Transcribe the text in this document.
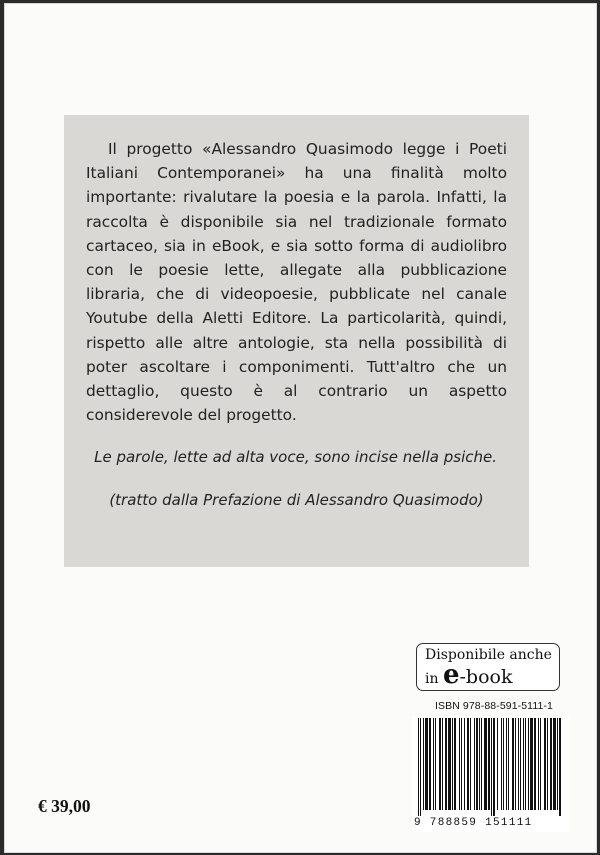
Il progetto «Alessandro Quasimodo legge i Poeti Italiani Contemporanei» ha una finalità molto importante: rivalutare la poesia e la parola. Infatti, la raccolta è disponibile sia nel tradizionale formato cartaceo, sia in eBook, e sia sotto forma di audiolibro con le poesie lette, allegate alla pubblicazione libraria, che di videopoesie, pubblicate nel canale Youtube della Aletti Editore. La particolarità, quindi, rispetto alle altre antologie, sta nella possibilità di poter ascoltare i componimenti. Tutt'altro che un dettaglio, questo è al contrario un aspetto considerevole del progetto.

Le parole, lette ad alta voce, sono incise nella psiche.

(tratto dalla Prefazione di Alessandro Quasimodo)

Disponibile anche
in e-book
ISBN 978-88-591-5111-1
9 788859 151111
€ 39,00
